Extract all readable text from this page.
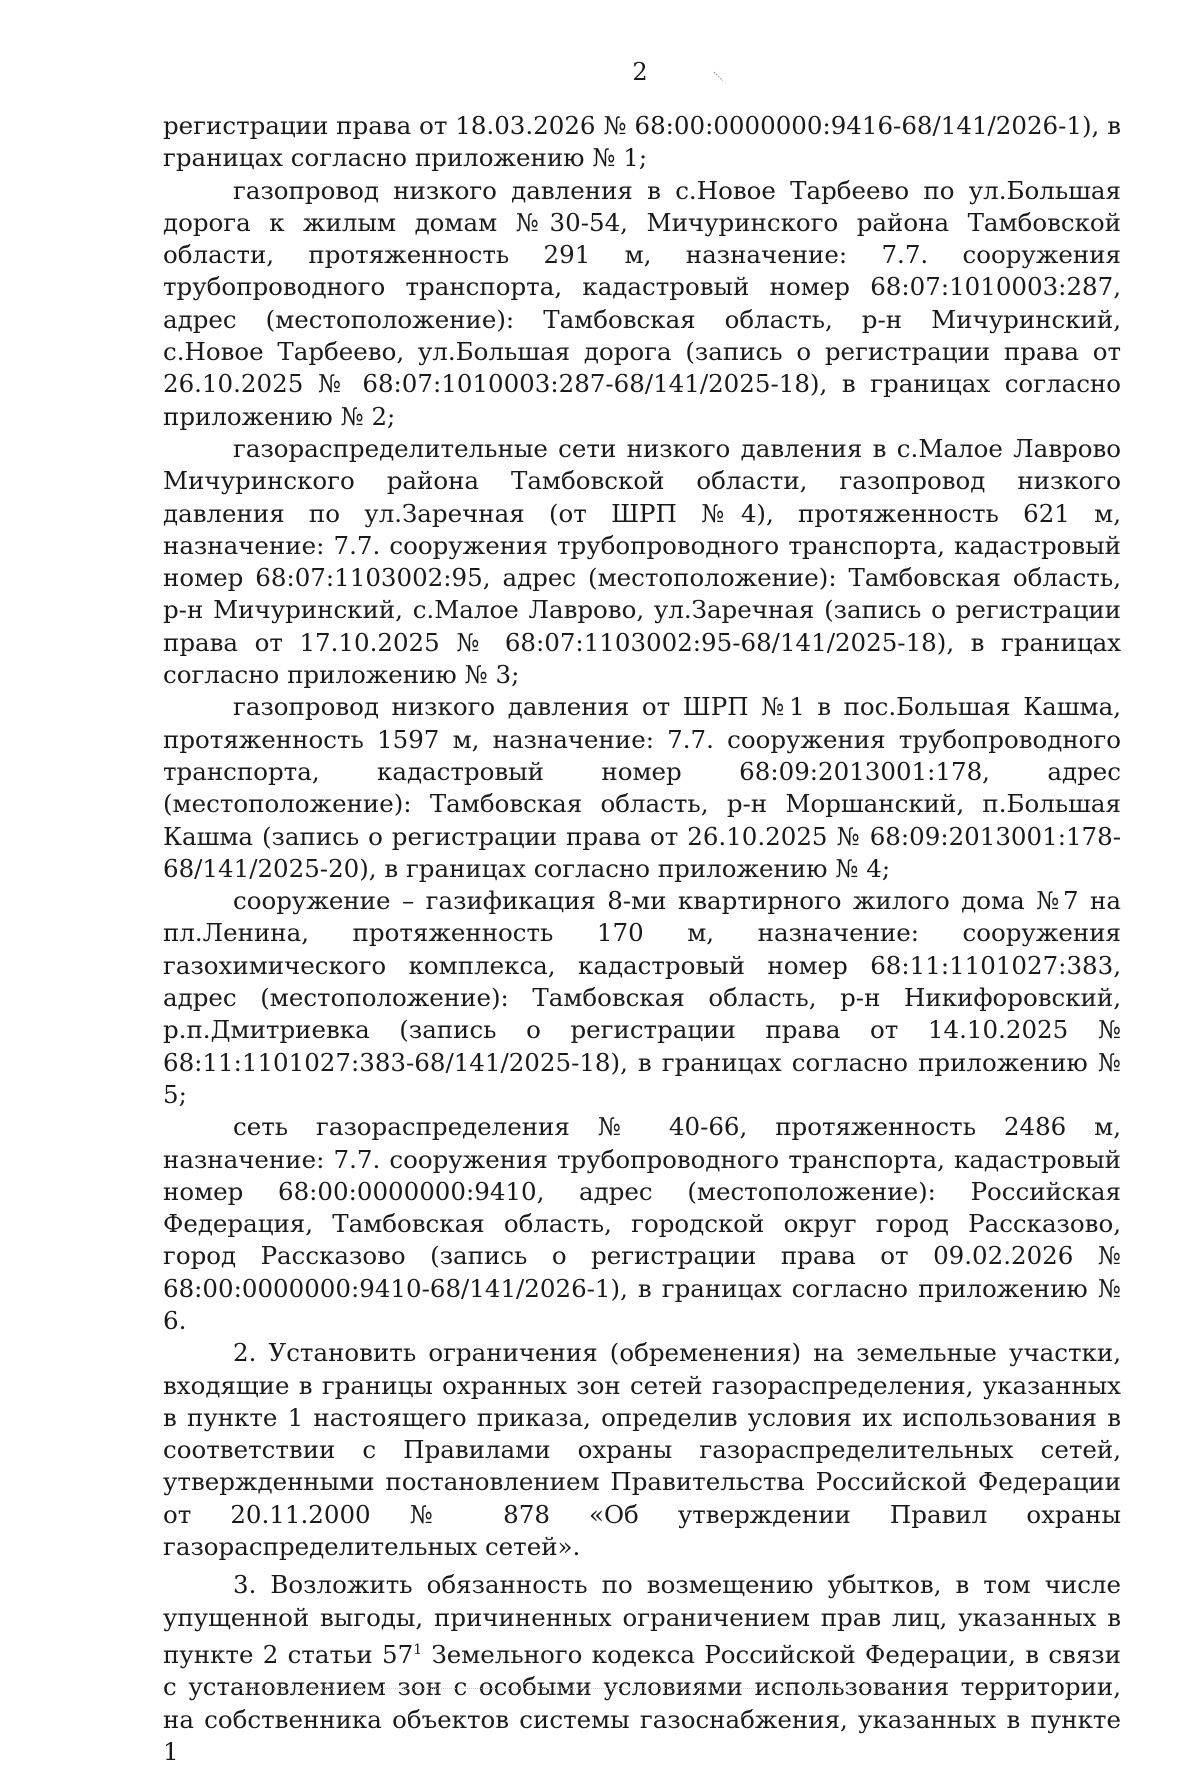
2

регистрации права от 18.03.2026 № 68:00:0000000:9416-68/141/2026-1), в границах согласно приложению № 1;

газопровод низкого давления в с.Новое Тарбеево по ул.Большая дорога к жилым домам №30-54, Мичуринского района Тамбовской области, протяженность 291 м, назначение: 7.7. сооружения трубопроводного транспорта, кадастровый номер 68:07:1010003:287, адрес (местоположение): Тамбовская область, р-н Мичуринский, с.Новое Тарбеево, ул.Большая дорога (запись о регистрации права от 26.10.2025 № 68:07:1010003:287-68/141/2025-18), в границах согласно приложению № 2;

газораспределительные сети низкого давления в с.Малое Лаврово Мичуринского района Тамбовской области, газопровод низкого давления по ул.Заречная (от ШРП №4), протяженность 621 м, назначение: 7.7. сооружения трубопроводного транспорта, кадастровый номер 68:07:1103002:95, адрес (местоположение): Тамбовская область, р-н Мичуринский, с.Малое Лаврово, ул.Заречная (запись о регистрации права от 17.10.2025 № 68:07:1103002:95-68/141/2025-18), в границах согласно приложению № 3;

газопровод низкого давления от ШРП №1 в пос.Большая Кашма, протяженность 1597 м, назначение: 7.7. сооружения трубопроводного транспорта, кадастровый номер 68:09:2013001:178, адрес (местоположение): Тамбовская область, р-н Моршанский, п.Большая Кашма (запись о регистрации права от 26.10.2025 № 68:09:2013001:178-68/141/2025-20), в границах согласно приложению № 4;

сооружение – газификация 8-ми квартирного жилого дома №7 на пл.Ленина, протяженность 170 м, назначение: сооружения газохимического комплекса, кадастровый номер 68:11:1101027:383, адрес (местоположение): Тамбовская область, р-н Никифоровский, р.п.Дмитриевка (запись о регистрации права от 14.10.2025 № 68:11:1101027:383-68/141/2025-18), в границах согласно приложению № 5;

сеть газораспределения № 40-66, протяженность 2486 м, назначение: 7.7. сооружения трубопроводного транспорта, кадастровый номер 68:00:0000000:9410, адрес (местоположение): Российская Федерация, Тамбовская область, городской округ город Рассказово, город Рассказово (запись о регистрации права от 09.02.2026 № 68:00:0000000:9410-68/141/2026-1), в границах согласно приложению № 6.

2. Установить ограничения (обременения) на земельные участки, входящие в границы охранных зон сетей газораспределения, указанных в пункте 1 настоящего приказа, определив условия их использования в соответствии с Правилами охраны газораспределительных сетей, утвержденными постановлением Правительства Российской Федерации от 20.11.2000 № 878 «Об утверждении Правил охраны газораспределительных сетей».

3. Возложить обязанность по возмещению убытков, в том числе упущенной выгоды, причиненных ограничением прав лиц, указанных в пункте 2 статьи $57^1$ Земельного кодекса Российской Федерации, в связи с установлением зон с особыми условиями использования территории, на собственника объектов системы газоснабжения, указанных в пункте 1
